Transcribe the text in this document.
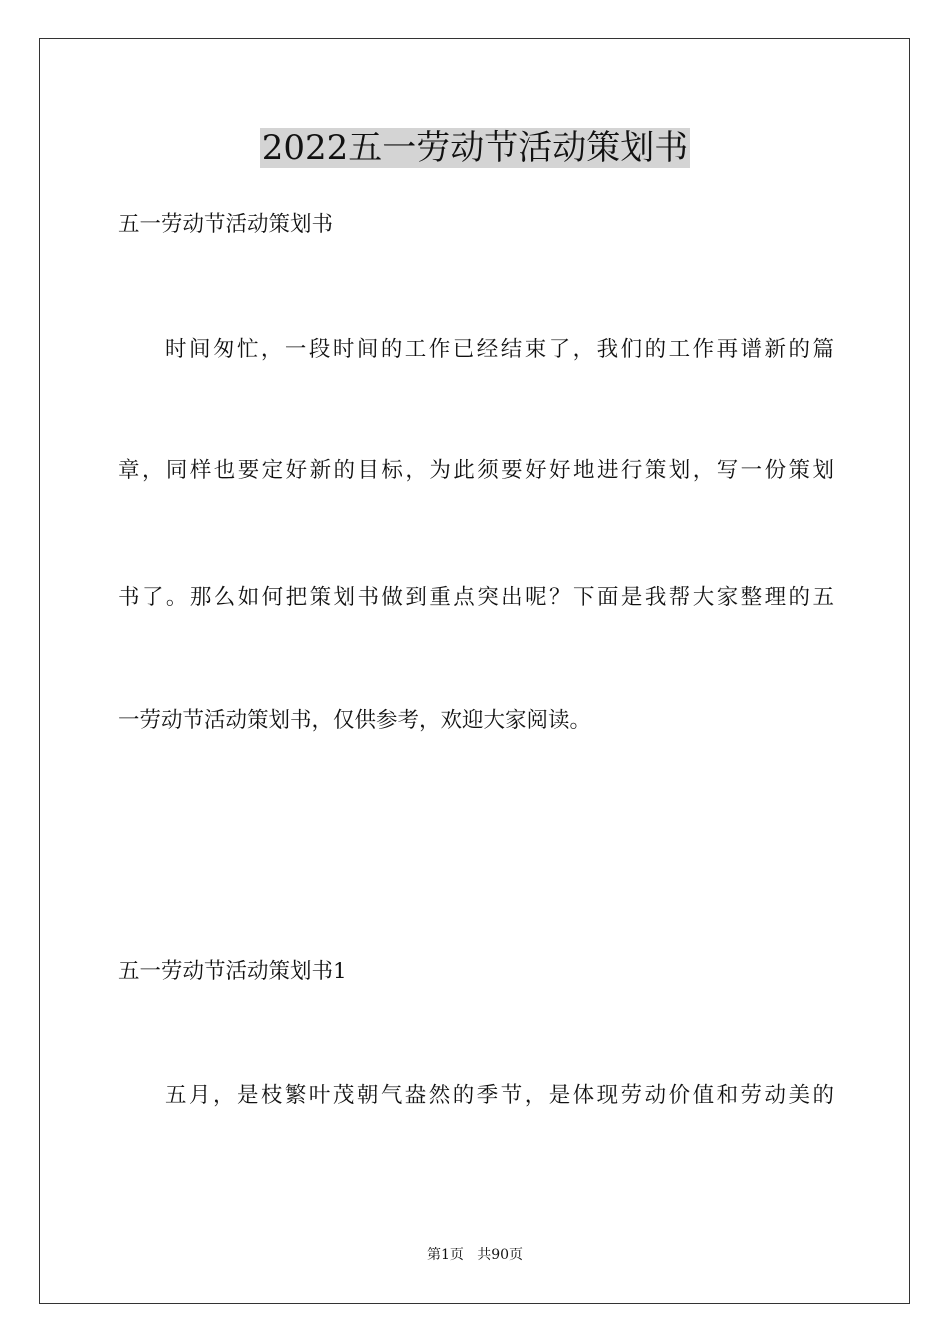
2022五一劳动节活动策划书

五一劳动节活动策划书

时间匆忙，一段时间的工作已经结束了，我们的工作再谱新的篇

章，同样也要定好新的目标，为此须要好好地进行策划，写一份策划

书了。那么如何把策划书做到重点突出呢？下面是我帮大家整理的五

一劳动节活动策划书，仅供参考，欢迎大家阅读。

五一劳动节活动策划书1

五月，是枝繁叶茂朝气盎然的季节，是体现劳动价值和劳动美的

第1页   共90页
